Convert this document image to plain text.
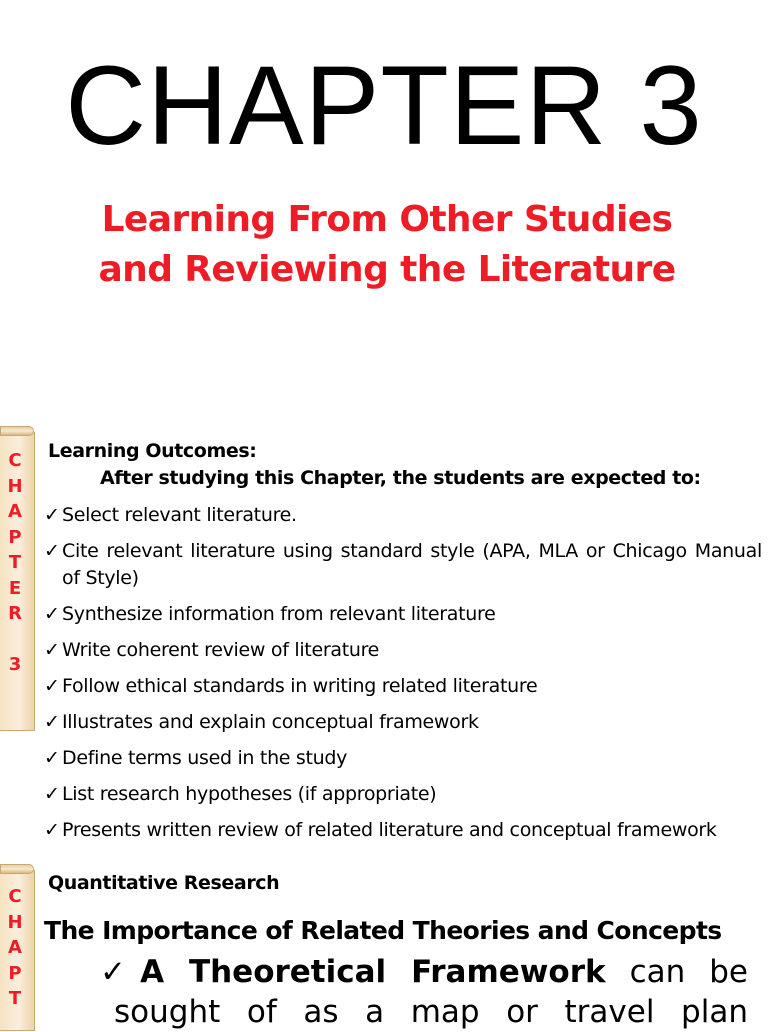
CHAPTER 3
Learning From Other Studies
and Reviewing the Literature
C
H
A
P
T
E
R
3
Learning Outcomes:
After studying this Chapter, the students are expected to:
✓ Select relevant literature.
✓ Cite relevant literature using standard style (APA, MLA or Chicago Manual of Style)
✓ Synthesize information from relevant literature
✓ Write coherent review of literature
✓ Follow ethical standards in writing related literature
✓ Illustrates and explain conceptual framework
✓ Define terms used in the study
✓ List research hypotheses (if appropriate)
✓ Presents written review of related literature and conceptual framework
C
H
A
P
T
Quantitative Research
The Importance of Related Theories and Concepts
✓A Theoretical Framework can be
sought of as a map or travel plan
